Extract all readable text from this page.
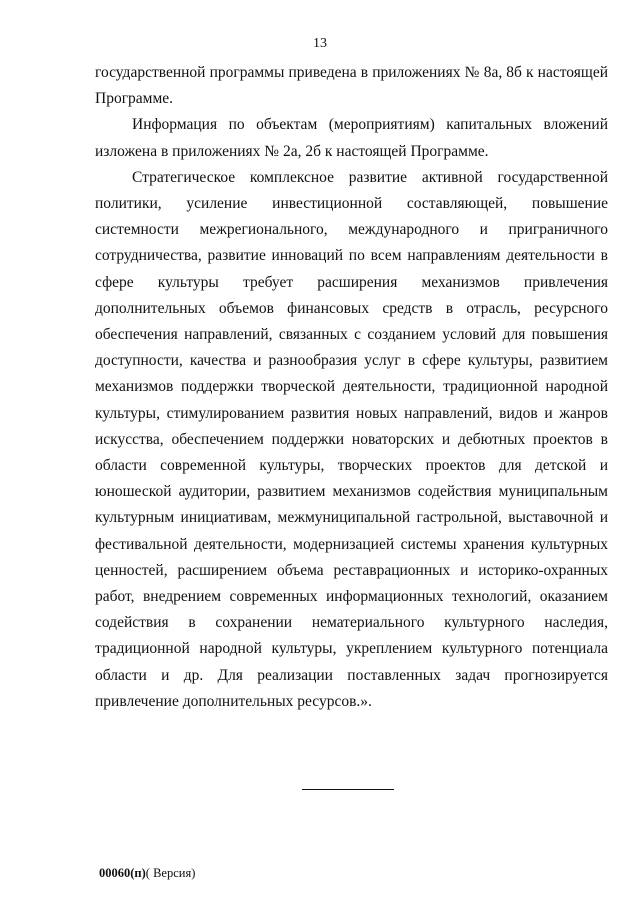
13

государственной программы приведена в приложениях № 8а, 8б к настоящей Программе.

Информация по объектам (мероприятиям) капитальных вложений изложена в приложениях № 2а, 2б к настоящей Программе.

Стратегическое комплексное развитие активной государственной политики, усиление инвестиционной составляющей, повышение системности межрегионального, международного и приграничного сотрудничества, развитие инноваций по всем направлениям деятельности в сфере культуры требует расширения механизмов привлечения дополнительных объемов финансовых средств в отрасль, ресурсного обеспечения направлений, связанных с созданием условий для повышения доступности, качества и разнообразия услуг в сфере культуры, развитием механизмов поддержки творческой деятельности, традиционной народной культуры, стимулированием развития новых направлений, видов и жанров искусства, обеспечением поддержки новаторских и дебютных проектов в области современной культуры, творческих проектов для детской и юношеской аудитории, развитием механизмов содействия муниципальным культурным инициативам, межмуниципальной гастрольной, выставочной и фестивальной деятельности, модернизацией системы хранения культурных ценностей, расширением объема реставрационных и историко-охранных работ, внедрением современных информационных технологий, оказанием содействия в сохранении нематериального культурного наследия, традиционной народной культуры, укреплением культурного потенциала области и др. Для реализации поставленных задач прогнозируется привлечение дополнительных ресурсов.».

00060(п)( Версия)
